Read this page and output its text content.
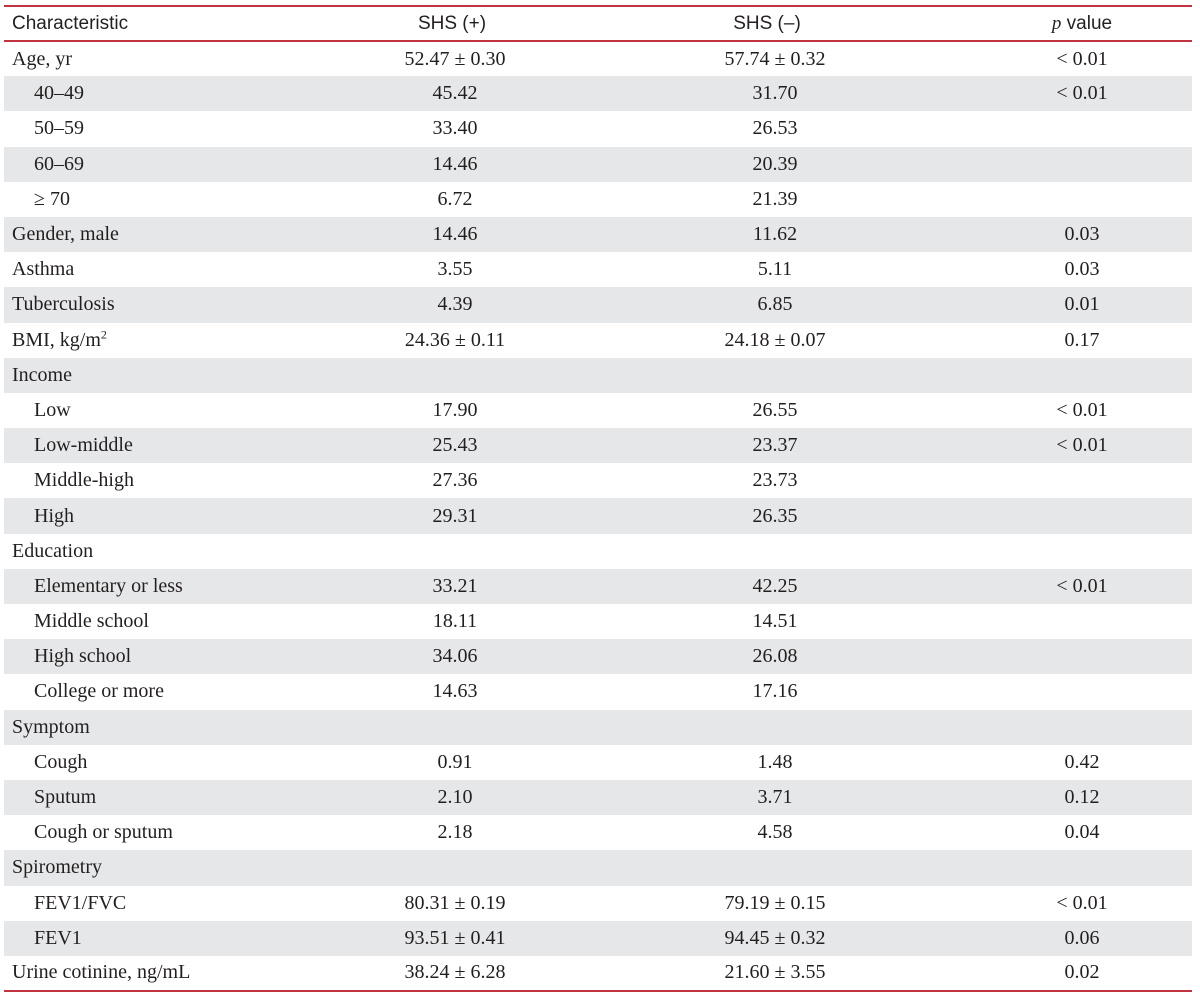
Characteristic	SHS (+)	SHS (–)	p value
Age, yr	52.47 ± 0.30	57.74 ± 0.32	< 0.01
40–49	45.42	31.70	< 0.01
50–59	33.40	26.53	
60–69	14.46	20.39	
≥ 70	6.72	21.39	
Gender, male	14.46	11.62	0.03
Asthma	3.55	5.11	0.03
Tuberculosis	4.39	6.85	0.01
BMI, $kg/m^2$	24.36 ± 0.11	24.18 ± 0.07	0.17
Income			
Low	17.90	26.55	< 0.01
Low-middle	25.43	23.37	< 0.01
Middle-high	27.36	23.73	
High	29.31	26.35	
Education			
Elementary or less	33.21	42.25	< 0.01
Middle school	18.11	14.51	
High school	34.06	26.08	
College or more	14.63	17.16	
Symptom			
Cough	0.91	1.48	0.42
Sputum	2.10	3.71	0.12
Cough or sputum	2.18	4.58	0.04
Spirometry			
FEV1/FVC	80.31 ± 0.19	79.19 ± 0.15	< 0.01
FEV1	93.51 ± 0.41	94.45 ± 0.32	0.06
Urine cotinine, ng/mL	38.24 ± 6.28	21.60 ± 3.55	0.02
